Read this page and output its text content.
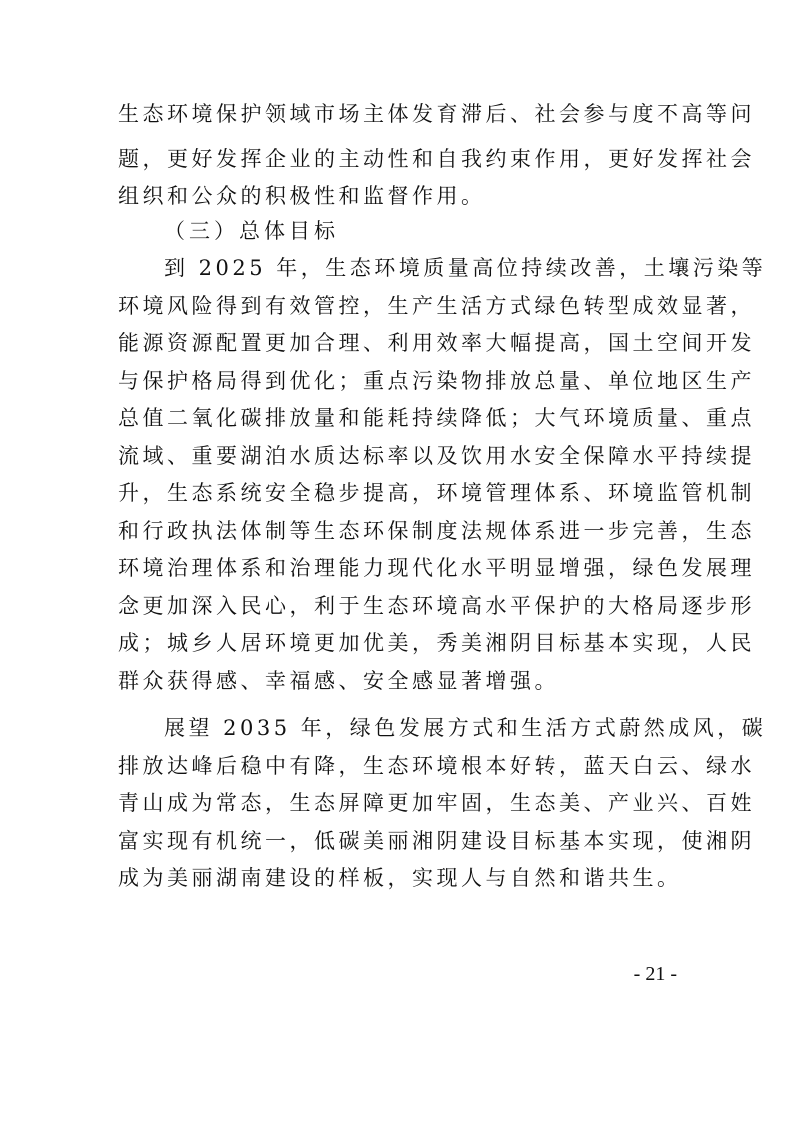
生态环境保护领域市场主体发育滞后、社会参与度不高等问

题，更好发挥企业的主动性和自我约束作用，更好发挥社会

组织和公众的积极性和监督作用。

（三）总体目标

到 2025 年，生态环境质量高位持续改善，土壤污染等

环境风险得到有效管控，生产生活方式绿色转型成效显著，

能源资源配置更加合理、利用效率大幅提高，国土空间开发

与保护格局得到优化；重点污染物排放总量、单位地区生产

总值二氧化碳排放量和能耗持续降低；大气环境质量、重点

流域、重要湖泊水质达标率以及饮用水安全保障水平持续提

升，生态系统安全稳步提高，环境管理体系、环境监管机制

和行政执法体制等生态环保制度法规体系进一步完善，生态

环境治理体系和治理能力现代化水平明显增强，绿色发展理

念更加深入民心，利于生态环境高水平保护的大格局逐步形

成；城乡人居环境更加优美，秀美湘阴目标基本实现，人民

群众获得感、幸福感、安全感显著增强。

展望 2035 年，绿色发展方式和生活方式蔚然成风，碳

排放达峰后稳中有降，生态环境根本好转，蓝天白云、绿水

青山成为常态，生态屏障更加牢固，生态美、产业兴、百姓

富实现有机统一，低碳美丽湘阴建设目标基本实现，使湘阴

成为美丽湖南建设的样板，实现人与自然和谐共生。

- 21 -
